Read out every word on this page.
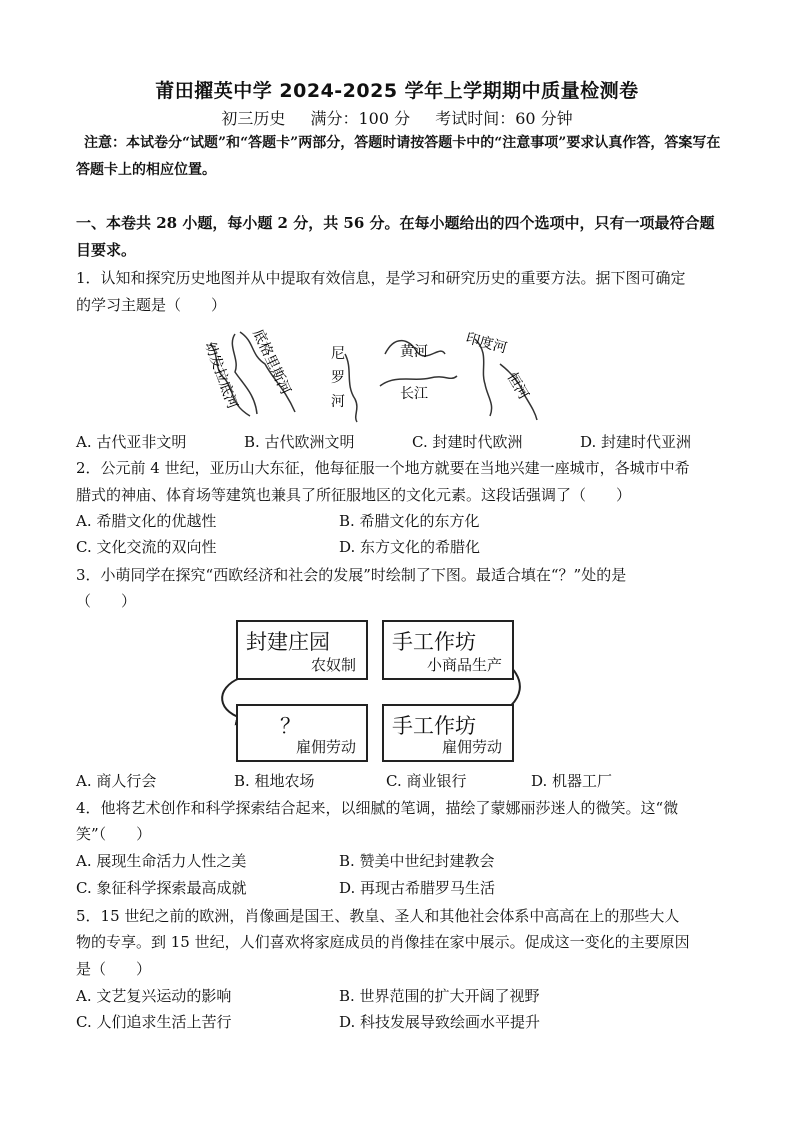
莆田擢英中学 2024-2025 学年上学期期中质量检测卷
初三历史 满分：100 分 考试时间：60 分钟
注意：本试卷分“试题”和“答题卡”两部分，答题时请按答题卡中的“注意事项”要求认真作答，答案写在答题卡上的相应位置。
一、本卷共 28 小题，每小题 2 分，共 56 分。在每小题给出的四个选项中，只有一项最符合题目要求。
1．认知和探究历史地图并从中提取有效信息，是学习和研究历史的重要方法。据下图可确定
的学习主题是（　　）
幼发拉底河 底格里斯河	尼
罗
河
黄河
长江
印度河
恒河
A. 古代亚非文明	B. 古代欧洲文明	C. 封建时代欧洲	D. 封建时代亚洲
2．公元前 4 世纪，亚历山大东征，他每征服一个地方就要在当地兴建一座城市，各城市中希
腊式的神庙、体育场等建筑也兼具了所征服地区的文化元素。这段话强调了（　　）
A. 希腊文化的优越性	B. 希腊文化的东方化
C. 文化交流的双向性	D. 东方文化的希腊化
3．小萌同学在探究“西欧经济和社会的发展”时绘制了下图。最适合填在“？”处的是
（　　）
封建庄园
农奴制
手工作坊
小商品生产
？
雇佣劳动
手工作坊
雇佣劳动
A. 商人行会	B. 租地农场	C. 商业银行	D. 机器工厂
4．他将艺术创作和科学探索结合起来，以细腻的笔调，描绘了蒙娜丽莎迷人的微笑。这“微
笑”（　　）
A. 展现生命活力人性之美	B. 赞美中世纪封建教会
C. 象征科学探索最高成就	D. 再现古希腊罗马生活
5．15 世纪之前的欧洲，肖像画是国王、教皇、圣人和其他社会体系中高高在上的那些大人
物的专享。到 15 世纪，人们喜欢将家庭成员的肖像挂在家中展示。促成这一变化的主要原因
是（　　）
A. 文艺复兴运动的影响	B. 世界范围的扩大开阔了视野
C. 人们追求生活上苦行	D. 科技发展导致绘画水平提升
